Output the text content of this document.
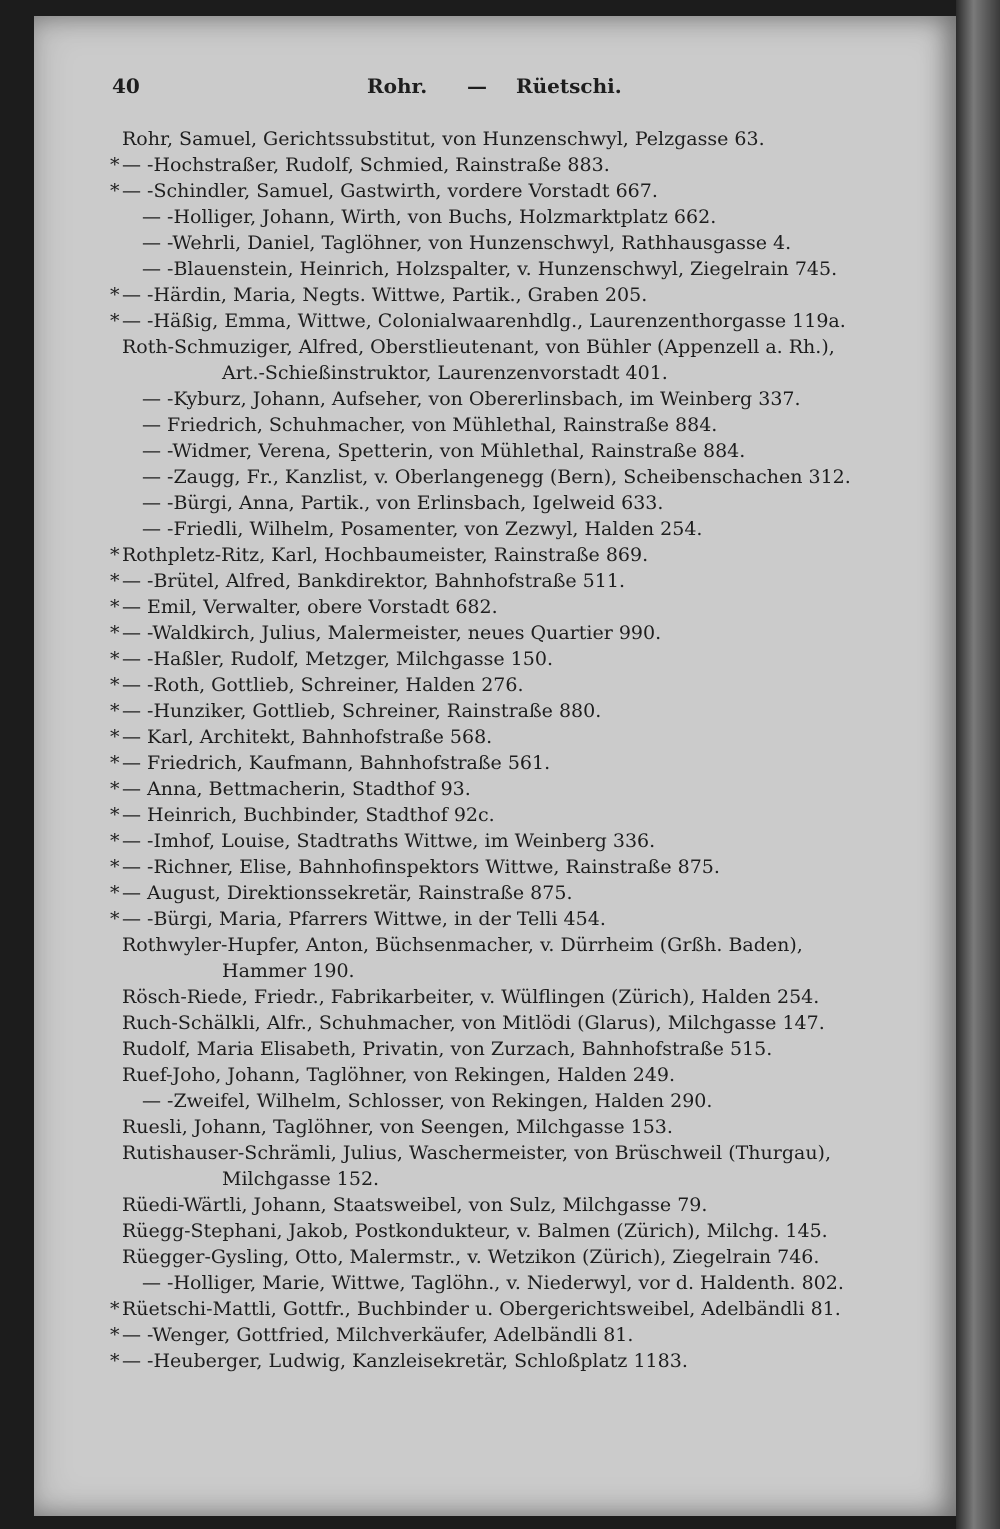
40	Rohr. — Rüetschi.
Rohr, Samuel, Gerichtssubstitut, von Hunzenschwyl, Pelzgasse 63.
* — -Hochstraßer, Rudolf, Schmied, Rainstraße 883.
* — -Schindler, Samuel, Gastwirth, vordere Vorstadt 667.
— -Holliger, Johann, Wirth, von Buchs, Holzmarktplatz 662.
— -Wehrli, Daniel, Taglöhner, von Hunzenschwyl, Rathhausgasse 4.
— -Blauenstein, Heinrich, Holzspalter, v. Hunzenschwyl, Ziegelrain 745.
* — -Härdin, Maria, Negts. Wittwe, Partik., Graben 205.
* — -Häßig, Emma, Wittwe, Colonialwaarenhdlg., Laurenzenthorgasse 119a.
Roth-Schmuziger, Alfred, Oberstlieutenant, von Bühler (Appenzell a. Rh.),
Art.-Schießinstruktor, Laurenzenvorstadt 401.
— -Kyburz, Johann, Aufseher, von Obererlinsbach, im Weinberg 337.
— Friedrich, Schuhmacher, von Mühlethal, Rainstraße 884.
— -Widmer, Verena, Spetterin, von Mühlethal, Rainstraße 884.
— -Zaugg, Fr., Kanzlist, v. Oberlangenegg (Bern), Scheibenschachen 312.
— -Bürgi, Anna, Partik., von Erlinsbach, Igelweid 633.
— -Friedli, Wilhelm, Posamenter, von Zezwyl, Halden 254.
* Rothpletz-Ritz, Karl, Hochbaumeister, Rainstraße 869.
* — -Brütel, Alfred, Bankdirektor, Bahnhofstraße 511.
* — Emil, Verwalter, obere Vorstadt 682.
* — -Waldkirch, Julius, Malermeister, neues Quartier 990.
* — -Haßler, Rudolf, Metzger, Milchgasse 150.
* — -Roth, Gottlieb, Schreiner, Halden 276.
* — -Hunziker, Gottlieb, Schreiner, Rainstraße 880.
* — Karl, Architekt, Bahnhofstraße 568.
* — Friedrich, Kaufmann, Bahnhofstraße 561.
* — Anna, Bettmacherin, Stadthof 93.
* — Heinrich, Buchbinder, Stadthof 92c.
* — -Imhof, Louise, Stadtraths Wittwe, im Weinberg 336.
* — -Richner, Elise, Bahnhofinspektors Wittwe, Rainstraße 875.
* — August, Direktionssekretär, Rainstraße 875.
* — -Bürgi, Maria, Pfarrers Wittwe, in der Telli 454.
Rothwyler-Hupfer, Anton, Büchsenmacher, v. Dürrheim (Grßh. Baden),
Hammer 190.
Rösch-Riede, Friedr., Fabrikarbeiter, v. Wülflingen (Zürich), Halden 254.
Ruch-Schälkli, Alfr., Schuhmacher, von Mitlödi (Glarus), Milchgasse 147.
Rudolf, Maria Elisabeth, Privatin, von Zurzach, Bahnhofstraße 515.
Ruef-Joho, Johann, Taglöhner, von Rekingen, Halden 249.
— -Zweifel, Wilhelm, Schlosser, von Rekingen, Halden 290.
Ruesli, Johann, Taglöhner, von Seengen, Milchgasse 153.
Rutishauser-Schrämli, Julius, Waschermeister, von Brüschweil (Thurgau),
Milchgasse 152.
Rüedi-Wärtli, Johann, Staatsweibel, von Sulz, Milchgasse 79.
Rüegg-Stephani, Jakob, Postkondukteur, v. Balmen (Zürich), Milchg. 145.
Rüegger-Gysling, Otto, Malermstr., v. Wetzikon (Zürich), Ziegelrain 746.
— -Holliger, Marie, Wittwe, Taglöhn., v. Niederwyl, vor d. Haldenth. 802.
* Rüetschi-Mattli, Gottfr., Buchbinder u. Obergerichtsweibel, Adelbändli 81.
* — -Wenger, Gottfried, Milchverkäufer, Adelbändli 81.
* — -Heuberger, Ludwig, Kanzleisekretär, Schloßplatz 1183.
